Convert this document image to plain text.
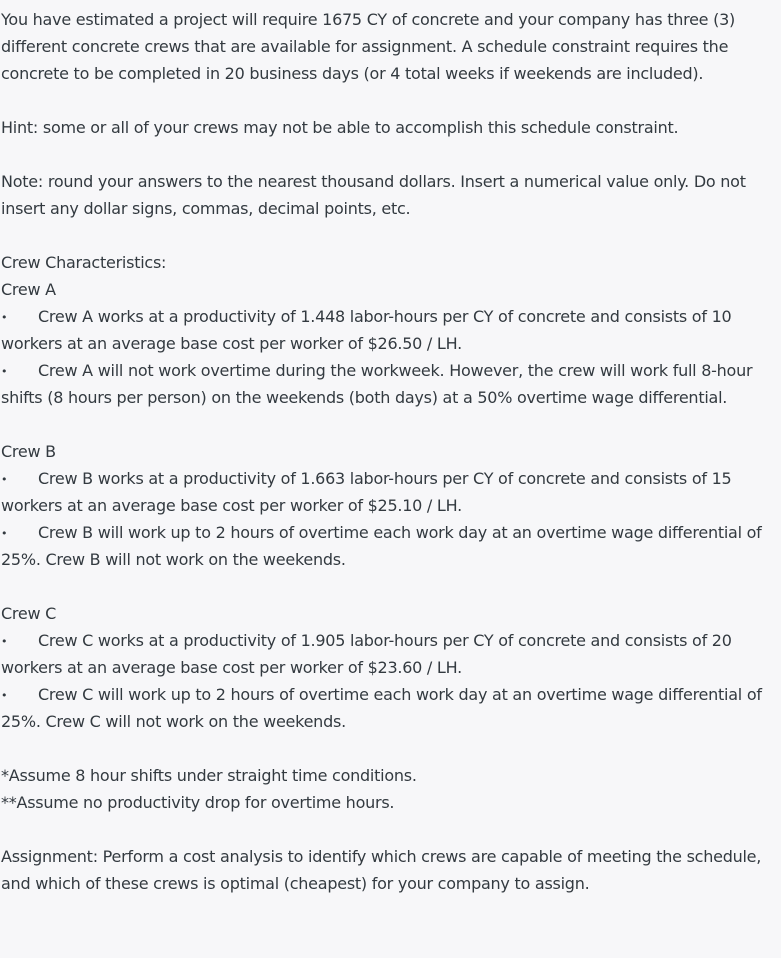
You have estimated a project will require 1675 CY of concrete and your company has three (3) different concrete crews that are available for assignment. A schedule constraint requires the concrete to be completed in 20 business days (or 4 total weeks if weekends are included).

Hint: some or all of your crews may not be able to accomplish this schedule constraint.

Note: round your answers to the nearest thousand dollars. Insert a numerical value only. Do not insert any dollar signs, commas, decimal points, etc.

Crew Characteristics:

Crew A

• Crew A works at a productivity of 1.448 labor-hours per CY of concrete and consists of 10 workers at an average base cost per worker of $26.50 / LH.

• Crew A will not work overtime during the workweek. However, the crew will work full 8-hour shifts (8 hours per person) on the weekends (both days) at a 50% overtime wage differential.

Crew B

• Crew B works at a productivity of 1.663 labor-hours per CY of concrete and consists of 15 workers at an average base cost per worker of $25.10 / LH.

• Crew B will work up to 2 hours of overtime each work day at an overtime wage differential of 25%. Crew B will not work on the weekends.

Crew C

• Crew C works at a productivity of 1.905 labor-hours per CY of concrete and consists of 20 workers at an average base cost per worker of $23.60 / LH.

• Crew C will work up to 2 hours of overtime each work day at an overtime wage differential of 25%. Crew C will not work on the weekends.

*Assume 8 hour shifts under straight time conditions.

**Assume no productivity drop for overtime hours.

Assignment: Perform a cost analysis to identify which crews are capable of meeting the schedule, and which of these crews is optimal (cheapest) for your company to assign.
